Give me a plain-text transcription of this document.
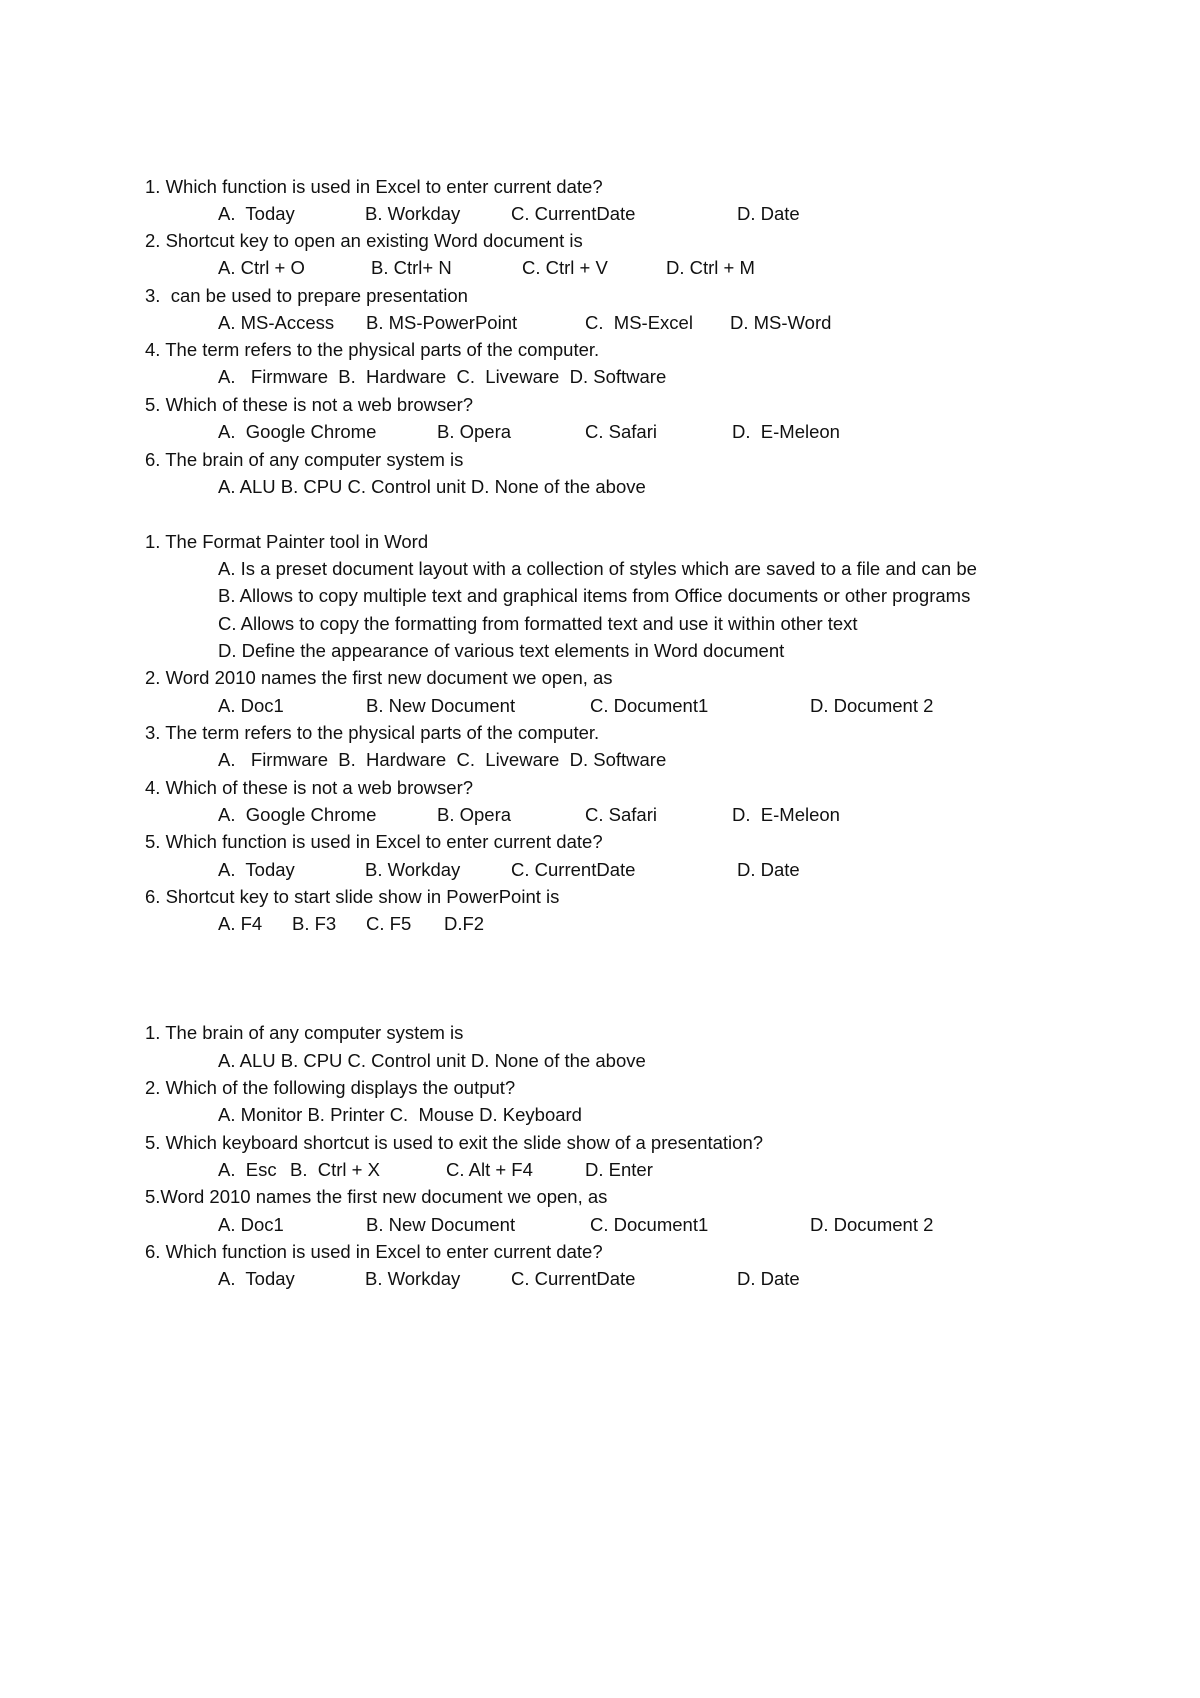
1. Which function is used in Excel to enter current date?

A.  Today

	B. Workday

	C. CurrentDate

	D. Date

2. Shortcut key to open an existing Word document is

A. Ctrl + O

	B. Ctrl+ N

	C. Ctrl + V

	D. Ctrl + M

3.  can be used to prepare presentation

A. MS-Access

B. MS-PowerPoint

	C.  MS-Excel

D. MS-Word

4. The term refers to the physical parts of the computer.
A.   Firmware  B.  Hardware  C.  Liveware  D. Software
5. Which of these is not a web browser?

A.  Google Chrome

	B. Opera

	C. Safari

	D.  E-Meleon

6. The brain of any computer system is
A. ALU B. CPU C. Control unit D. None of the above
1. The Format Painter tool in Word
A. Is a preset document layout with a collection of styles which are saved to a file and can be
B. Allows to copy multiple text and graphical items from Office documents or other programs
C. Allows to copy the formatting from formatted text and use it within other text
D. Define the appearance of various text elements in Word document
2. Word 2010 names the first new document we open, as

A. Doc1

	B. New Document

	C. Document1

	D. Document 2

3. The term refers to the physical parts of the computer.
A.   Firmware  B.  Hardware  C.  Liveware  D. Software
4. Which of these is not a web browser?

A.  Google Chrome

	B. Opera

	C. Safari

	D.  E-Meleon

5. Which function is used in Excel to enter current date?

A.  Today

	B. Workday

	C. CurrentDate

	D. Date

6. Shortcut key to start slide show in PowerPoint is

A. F4

B. F3

C. F5

D.F2

1. The brain of any computer system is
A. ALU B. CPU C. Control unit D. None of the above
2. Which of the following displays the output?
A. Monitor B. Printer C.  Mouse D. Keyboard
5. Which keyboard shortcut is used to exit the slide show of a presentation?

A.  Esc

B.  Ctrl + X

	C. Alt + F4

	D. Enter

5.Word 2010 names the first new document we open, as

A. Doc1

	B. New Document

	C. Document1

	D. Document 2

6. Which function is used in Excel to enter current date?

A.  Today

	B. Workday

	C. CurrentDate

	D. Date
